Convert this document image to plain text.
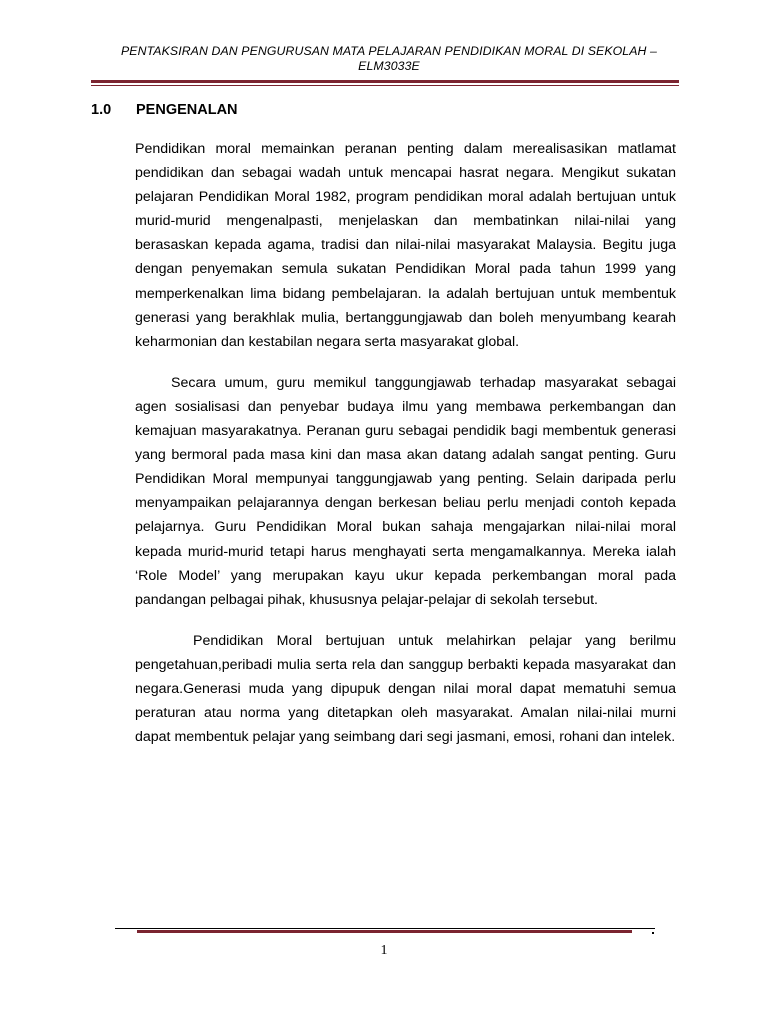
PENTAKSIRAN DAN PENGURUSAN MATA PELAJARAN PENDIDIKAN MORAL DI SEKOLAH – ELM3033E

1.0 PENGENALAN

Pendidikan moral memainkan peranan penting dalam merealisasikan matlamat pendidikan dan sebagai wadah untuk mencapai hasrat negara. Mengikut sukatan pelajaran Pendidikan Moral 1982, program pendidikan moral adalah bertujuan untuk murid-murid mengenalpasti, menjelaskan dan membatinkan nilai-nilai yang berasaskan kepada agama, tradisi dan nilai-nilai masyarakat Malaysia. Begitu juga dengan penyemakan semula sukatan Pendidikan Moral pada tahun 1999 yang memperkenalkan lima bidang pembelajaran. Ia adalah bertujuan untuk membentuk generasi yang berakhlak mulia, bertanggungjawab dan boleh menyumbang kearah keharmonian dan kestabilan negara serta masyarakat global.

Secara umum, guru memikul tanggungjawab terhadap masyarakat sebagai agen sosialisasi dan penyebar budaya ilmu yang membawa perkembangan dan kemajuan masyarakatnya. Peranan guru sebagai pendidik bagi membentuk generasi yang bermoral pada masa kini dan masa akan datang adalah sangat penting. Guru Pendidikan Moral mempunyai tanggungjawab yang penting. Selain daripada perlu menyampaikan pelajarannya dengan berkesan beliau perlu menjadi contoh kepada pelajarnya. Guru Pendidikan Moral bukan sahaja mengajarkan nilai-nilai moral kepada murid-murid tetapi harus menghayati serta mengamalkannya. Mereka ialah ‘Role Model’ yang merupakan kayu ukur kepada perkembangan moral pada pandangan pelbagai pihak, khususnya pelajar-pelajar di sekolah tersebut.

Pendidikan Moral bertujuan untuk melahirkan pelajar yang berilmu pengetahuan,peribadi mulia serta rela dan sanggup berbakti kepada masyarakat dan negara.Generasi muda yang dipupuk dengan nilai moral dapat mematuhi semua peraturan atau norma yang ditetapkan oleh masyarakat. Amalan nilai-nilai murni dapat membentuk pelajar yang seimbang dari segi jasmani, emosi, rohani dan intelek.

1
